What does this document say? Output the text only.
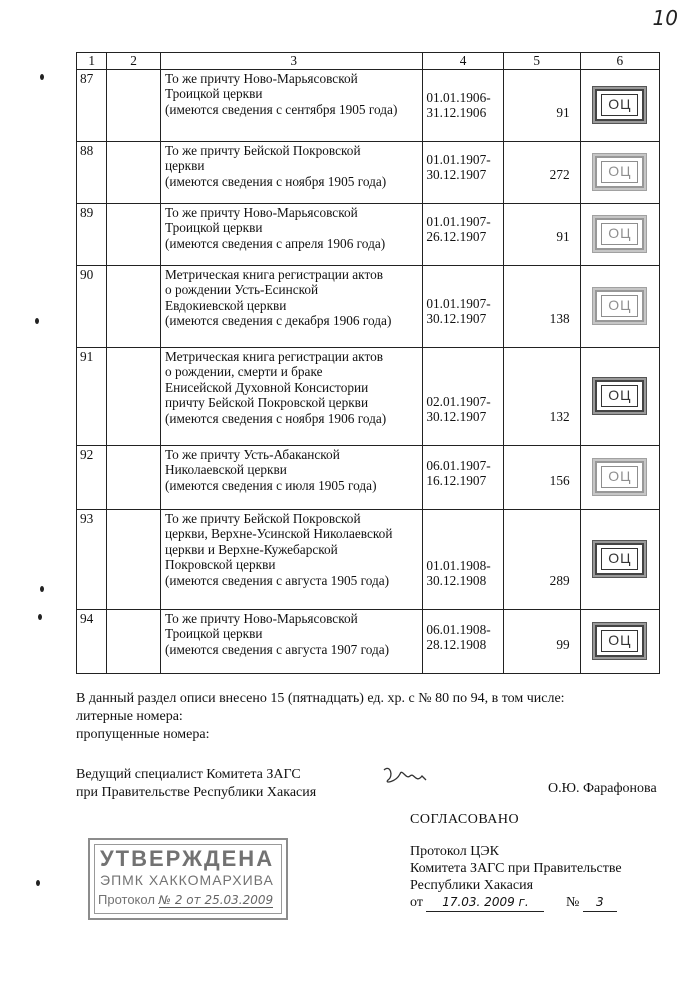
10
1	2	3	4	5	6
87		То же причту Ново-Марьясовской
Троицкой церкви
(имеются сведения с сентября 1905 года)	01.01.1906-
31.12.1906	91	ОЦ
88		То же причту Бейской Покровской
церкви
(имеются сведения с ноября 1905 года)	01.01.1907-
30.12.1907	272	ОЦ
89		То же причту Ново-Марьясовской
Троицкой церкви
(имеются сведения с апреля 1906 года)	01.01.1907-
26.12.1907	91	ОЦ
90		Метрическая книга регистрации актов
о рождении Усть-Есинской
Евдокиевской церкви
(имеются сведения с декабря 1906 года)	01.01.1907-
30.12.1907	138	ОЦ
91		Метрическая книга регистрации актов
о рождении, смерти и браке
Енисейской Духовной Консистории
причту Бейской Покровской церкви
(имеются сведения с ноября 1906 года)	02.01.1907-
30.12.1907	132	ОЦ
92		То же причту Усть-Абаканской
Николаевской церкви
(имеются сведения с июля 1905 года)	06.01.1907-
16.12.1907	156	ОЦ
93		То же причту Бейской Покровской
церкви, Верхне-Усинской Николаевской
церкви и Верхне-Кужебарской
Покровской церкви
(имеются сведения с августа 1905 года)	01.01.1908-
30.12.1908	289	ОЦ
94		То же причту Ново-Марьясовской
Троицкой церкви
(имеются сведения с августа 1907 года)	06.01.1908-
28.12.1908	99	ОЦ
В данный раздел описи внесено 15 (пятнадцать) ед. хр. с № 80 по 94, в том числе:
литерные номера:
пропущенные номера:
Ведущий специалист Комитета ЗАГС
при Правительстве Республики Хакасия	О.Ю. Фарафонова
СОГЛАСОВАНО
Протокол ЦЭК
Комитета ЗАГС при Правительстве
Республики Хакасия
от 17.03. 2009 г.	№ 3
УТВЕРЖДЕНА
ЭПМК ХАККОМАРХИВА
Протокол № 2 от 25.03.2009
